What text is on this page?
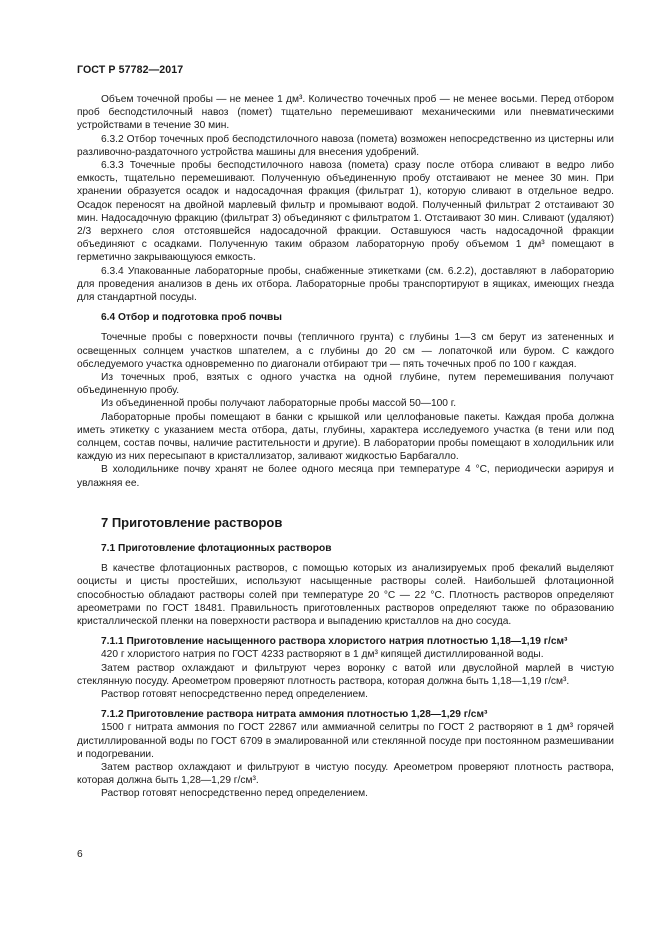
ГОСТ Р 57782—2017

Объем точечной пробы — не менее 1 дм³. Количество точечных проб — не менее восьми. Перед отбором проб бесподстилочный навоз (помет) тщательно перемешивают механическими или пневматическими устройствами в течение 30 мин.

6.3.2 Отбор точечных проб бесподстилочного навоза (помета) возможен непосредственно из цистерны или разливочно-раздаточного устройства машины для внесения удобрений.

6.3.3 Точечные пробы бесподстилочного навоза (помета) сразу после отбора сливают в ведро либо емкость, тщательно перемешивают. Полученную объединенную пробу отстаивают не менее 30 мин. При хранении образуется осадок и надосадочная фракция (фильтрат 1), которую сливают в отдельное ведро. Осадок переносят на двойной марлевый фильтр и промывают водой. Полученный фильтрат 2 отстаивают 30 мин. Надосадочную фракцию (фильтрат 3) объединяют с фильтратом 1. Отстаивают 30 мин. Сливают (удаляют) 2/3 верхнего слоя отстоявшейся надосадочной фракции. Оставшуюся часть надосадочной фракции объединяют с осадками. Полученную таким образом лабораторную пробу объемом 1 дм³ помещают в герметично закрывающуюся емкость.

6.3.4 Упакованные лабораторные пробы, снабженные этикетками (см. 6.2.2), доставляют в лабораторию для проведения анализов в день их отбора. Лабораторные пробы транспортируют в ящиках, имеющих гнезда для стандартной посуды.

6.4 Отбор и подготовка проб почвы

Точечные пробы с поверхности почвы (тепличного грунта) с глубины 1—3 см берут из затененных и освещенных солнцем участков шпателем, а с глубины до 20 см — лопаточкой или буром. С каждого обследуемого участка одновременно по диагонали отбирают три — пять точечных проб по 100 г каждая.

Из точечных проб, взятых с одного участка на одной глубине, путем перемешивания получают объединенную пробу.

Из объединенной пробы получают лабораторные пробы массой 50—100 г.

Лабораторные пробы помещают в банки с крышкой или целлофановые пакеты. Каждая проба должна иметь этикетку с указанием места отбора, даты, глубины, характера исследуемого участка (в тени или под солнцем, состав почвы, наличие растительности и другие). В лаборатории пробы помещают в холодильник или каждую из них пересыпают в кристаллизатор, заливают жидкостью Барбагалло.

В холодильнике почву хранят не более одного месяца при температуре 4 °С, периодически аэрируя и увлажняя ее.

7 Приготовление растворов
7.1 Приготовление флотационных растворов

В качестве флотационных растворов, с помощью которых из анализируемых проб фекалий выделяют ооцисты и цисты простейших, используют насыщенные растворы солей. Наибольшей флотационной способностью обладают растворы солей при температуре 20 °С — 22 °С. Плотность растворов определяют ареометрами по ГОСТ 18481. Правильность приготовленных растворов определяют также по образованию кристаллической пленки на поверхности раствора и выпадению кристаллов на дно сосуда.

7.1.1 Приготовление насыщенного раствора хлористого натрия плотностью 1,18—1,19 г/см³

420 г хлористого натрия по ГОСТ 4233 растворяют в 1 дм³ кипящей дистиллированной воды.

Затем раствор охлаждают и фильтруют через воронку с ватой или двуслойной марлей в чистую стеклянную посуду. Ареометром проверяют плотность раствора, которая должна быть 1,18—1,19 г/см³.

Раствор готовят непосредственно перед определением.

7.1.2 Приготовление раствора нитрата аммония плотностью 1,28—1,29 г/см³

1500 г нитрата аммония по ГОСТ 22867 или аммиачной селитры по ГОСТ 2 растворяют в 1 дм³ горячей дистиллированной воды по ГОСТ 6709 в эмалированной или стеклянной посуде при постоянном размешивании и подогревании.

Затем раствор охлаждают и фильтруют в чистую посуду. Ареометром проверяют плотность раствора, которая должна быть 1,28—1,29 г/см³.

Раствор готовят непосредственно перед определением.

6
